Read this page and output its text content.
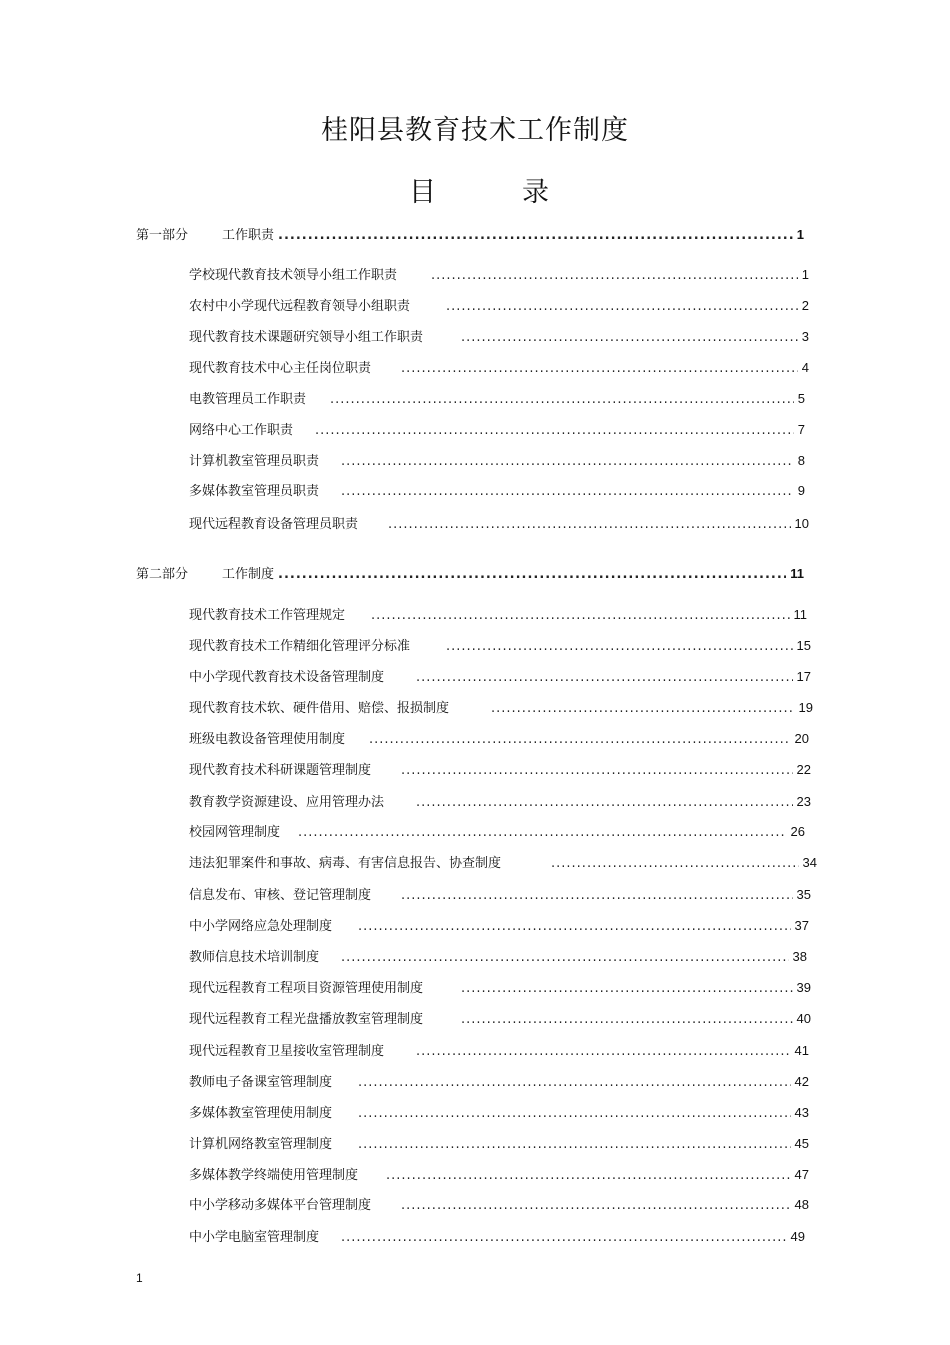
桂阳县教育技术工作制度
目	录
第一部分	工作职责 .....	1
学校现代教育技术领导小组工作职责 .....	1
农村中小学现代远程教育领导小组职责 .....	2
现代教育技术课题研究领导小组工作职责 .....	3
现代教育技术中心主任岗位职责 .....	4
电教管理员工作职责 .....	5
网络中心工作职责 .....	7
计算机教室管理员职责 .....	8
多媒体教室管理员职责 .....	9
现代远程教育设备管理员职责 .....	10
第二部分	工作制度 .....	11
现代教育技术工作管理规定 .....	11
现代教育技术工作精细化管理评分标准 .....	15
中小学现代教育技术设备管理制度 .....	17
现代教育技术软、硬件借用、赔偿、报损制度 .....	19
班级电教设备管理使用制度 .....	20
现代教育技术科研课题管理制度 .....	22
教育教学资源建设、应用管理办法 .....	23
校园网管理制度 .....	26
违法犯罪案件和事故、病毒、有害信息报告、协查制度 .....	34
信息发布、审核、登记管理制度 .....	35
中小学网络应急处理制度 .....	37
教师信息技术培训制度 .....	38
现代远程教育工程项目资源管理使用制度 .....	39
现代远程教育工程光盘播放教室管理制度 .....	40
现代远程教育卫星接收室管理制度 .....	41
教师电子备课室管理制度 .....	42
多媒体教室管理使用制度 .....	43
计算机网络教室管理制度 .....	45
多媒体教学终端使用管理制度 .....	47
中小学移动多媒体平台管理制度 .....	48
中小学电脑室管理制度 .....	49
1
